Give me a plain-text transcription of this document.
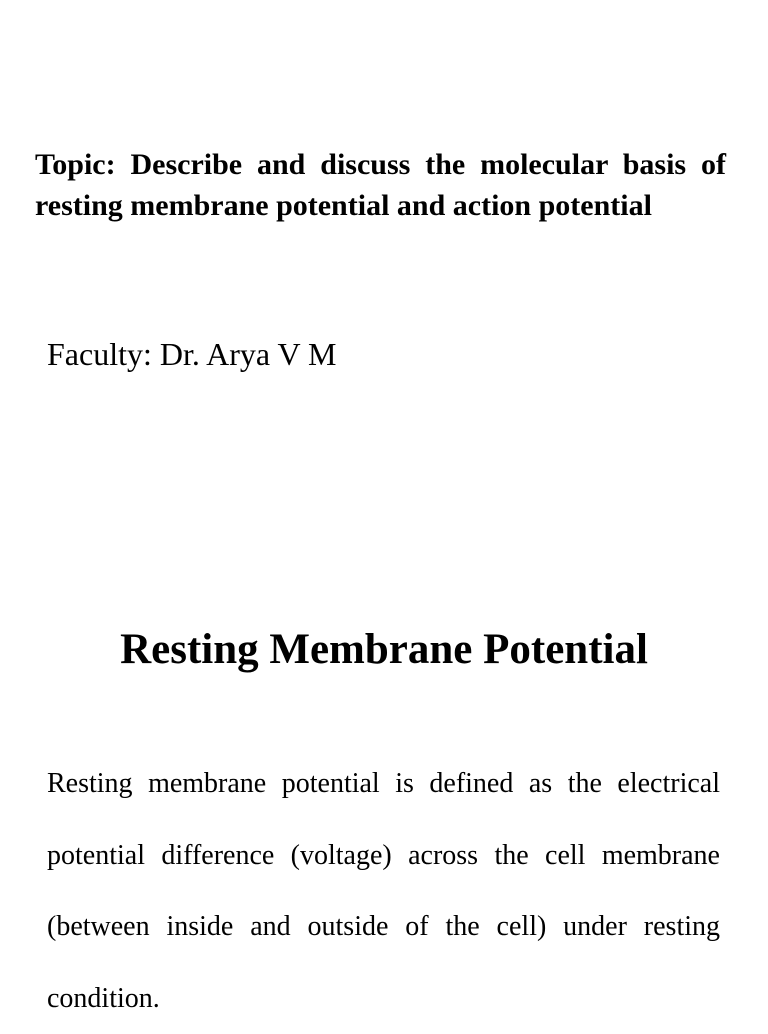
Topic: Describe and discuss the molecular basis of resting membrane potential and action potential

Faculty: Dr. Arya V M

Resting Membrane Potential

Resting membrane potential is defined as the electrical potential difference (voltage) across the cell membrane (between inside and outside of the cell) under resting condition.
